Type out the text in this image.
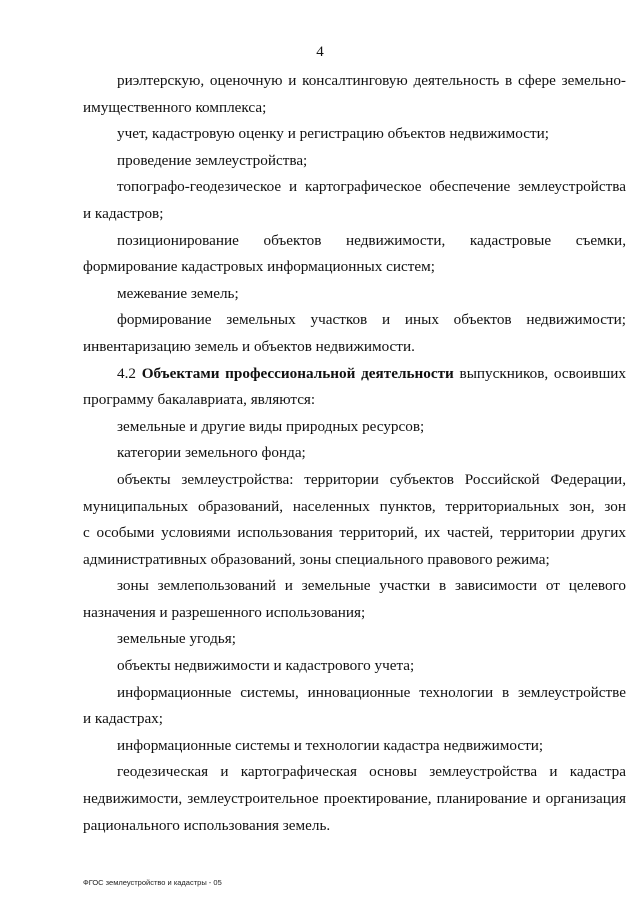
4
риэлтерскую, оценочную и консалтинговую деятельность в сфере земельно-
имущественного комплекса;
учет, кадастровую оценку и регистрацию объектов недвижимости;
проведение землеустройства;
топографо-геодезическое и картографическое обеспечение землеустройства
и кадастров;
позиционирование объектов недвижимости, кадастровые съемки,
формирование кадастровых информационных систем;
межевание земель;
формирование земельных участков и иных объектов недвижимости;
инвентаризацию земель и объектов недвижимости.
4.2 Объектами профессиональной деятельности выпускников, освоивших
программу бакалавриата, являются:
земельные и другие виды природных ресурсов;
категории земельного фонда;
объекты землеустройства: территории субъектов Российской Федерации,
муниципальных образований, населенных пунктов, территориальных зон, зон
с особыми условиями использования территорий, их частей, территории других
административных образований, зоны специального правового режима;
зоны землепользований и земельные участки в зависимости от целевого
назначения и разрешенного использования;
земельные угодья;
объекты недвижимости и кадастрового учета;
информационные системы, инновационные технологии в землеустройстве
и кадастрах;
информационные системы и технологии кадастра недвижимости;
геодезическая и картографическая основы землеустройства и кадастра
недвижимости, землеустроительное проектирование, планирование и организация
рационального использования земель.
ФГОС землеустройство и кадастры - 05
